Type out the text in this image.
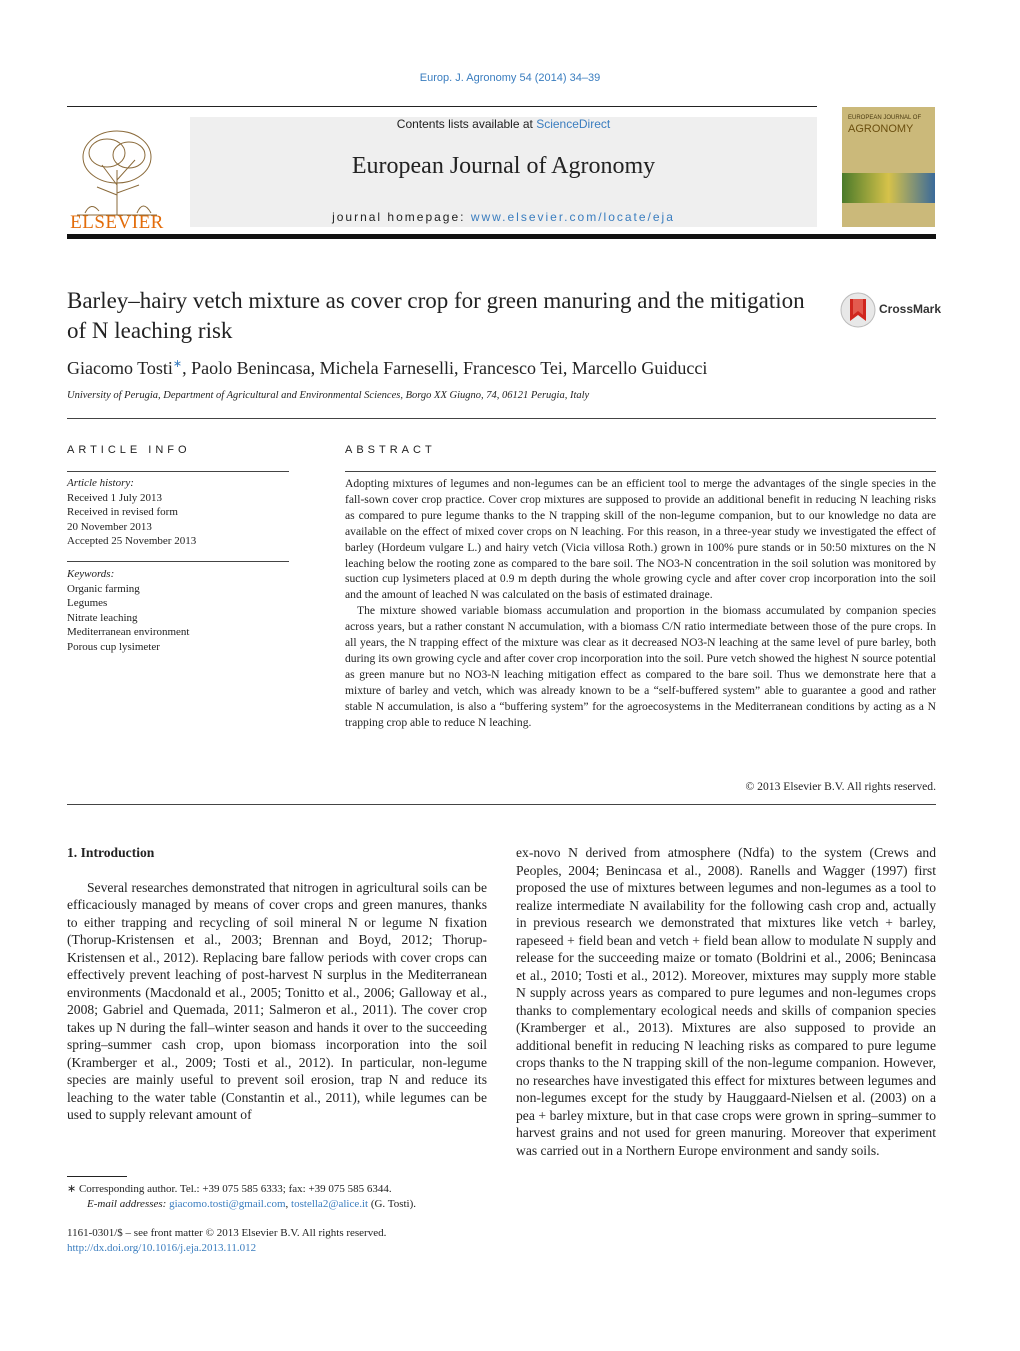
Europ. J. Agronomy 54 (2014) 34–39
ELSEVIER
Contents lists available at ScienceDirect
European Journal of Agronomy
journal homepage: www.elsevier.com/locate/eja
EUROPEAN JOURNAL OF
AGRONOMY
Barley–hairy vetch mixture as cover crop for green manuring and the mitigation of N leaching risk
CrossMark
Giacomo Tosti∗, Paolo Benincasa, Michela Farneselli, Francesco Tei, Marcello Guiducci
University of Perugia, Department of Agricultural and Environmental Sciences, Borgo XX Giugno, 74, 06121 Perugia, Italy
ARTICLE INFO
Article history:
Received 1 July 2013
Received in revised form
20 November 2013
Accepted 25 November 2013
Keywords:
Organic farming
Legumes
Nitrate leaching
Mediterranean environment
Porous cup lysimeter
ABSTRACT

Adopting mixtures of legumes and non-legumes can be an efficient tool to merge the advantages of the single species in the fall-sown cover crop practice. Cover crop mixtures are supposed to provide an additional benefit in reducing N leaching risks as compared to pure legume thanks to the N trapping skill of the non-legume companion, but to our knowledge no data are available on the effect of mixed cover crops on N leaching. For this reason, in a three-year study we investigated the effect of barley (Hordeum vulgare L.) and hairy vetch (Vicia villosa Roth.) grown in 100% pure stands or in 50:50 mixtures on the N leaching below the rooting zone as compared to the bare soil. The NO3-N concentration in the soil solution was monitored by suction cup lysimeters placed at 0.9 m depth during the whole growing cycle and after cover crop incorporation into the soil and the amount of leached N was calculated on the basis of estimated drainage.

The mixture showed variable biomass accumulation and proportion in the biomass accumulated by companion species across years, but a rather constant N accumulation, with a biomass C/N ratio intermediate between those of the pure crops. In all years, the N trapping effect of the mixture was clear as it decreased NO3-N leaching at the same level of pure barley, both during its own growing cycle and after cover crop incorporation into the soil. Pure vetch showed the highest N source potential as green manure but no NO3-N leaching mitigation effect as compared to the bare soil. Thus we demonstrate here that a mixture of barley and vetch, which was already known to be a “self-buffered system” able to guarantee a good and rather stable N accumulation, is also a “buffering system” for the agroecosystems in the Mediterranean conditions by acting as a N trapping crop able to reduce N leaching.

© 2013 Elsevier B.V. All rights reserved.

1. Introduction

Several researches demonstrated that nitrogen in agricultural soils can be efficaciously managed by means of cover crops and green manures, thanks to either trapping and recycling of soil mineral N or legume N fixation (Thorup-Kristensen et al., 2003; Brennan and Boyd, 2012; Thorup-Kristensen et al., 2012). Replacing bare fallow periods with cover crops can effectively prevent leaching of post-harvest N surplus in the Mediterranean environments (Macdonald et al., 2005; Tonitto et al., 2006; Galloway et al., 2008; Gabriel and Quemada, 2011; Salmeron et al., 2011). The cover crop takes up N during the fall–winter season and hands it over to the succeeding spring–summer cash crop, upon biomass incorporation into the soil (Kramberger et al., 2009; Tosti et al., 2012). In particular, non-legume species are mainly useful to prevent soil erosion, trap N and reduce its leaching to the water table (Constantin et al., 2011), while legumes can be used to supply relevant amount of

ex-novo N derived from atmosphere (Ndfa) to the system (Crews and Peoples, 2004; Benincasa et al., 2008). Ranells and Wagger (1997) first proposed the use of mixtures between legumes and non-legumes as a tool to realize intermediate N availability for the following cash crop and, actually in previous research we demonstrated that mixtures like vetch + barley, rapeseed + field bean and vetch + field bean allow to modulate N supply and release for the succeeding maize or tomato (Boldrini et al., 2006; Benincasa et al., 2010; Tosti et al., 2012). Moreover, mixtures may supply more stable N supply across years as compared to pure legumes and non-legumes crops thanks to complementary ecological needs and skills of companion species (Kramberger et al., 2013). Mixtures are also supposed to provide an additional benefit in reducing N leaching risks as compared to pure legume crops thanks to the N trapping skill of the non-legume companion. However, no researches have investigated this effect for mixtures between legumes and non-legumes except for the study by Hauggaard-Nielsen et al. (2003) on a pea + barley mixture, but in that case crops were grown in spring–summer to harvest grains and not used for green manuring. Moreover that experiment was carried out in a Northern Europe environment and sandy soils.

∗ Corresponding author. Tel.: +39 075 585 6333; fax: +39 075 585 6344.
E-mail addresses: giacomo.tosti@gmail.com, tostella2@alice.it (G. Tosti).
1161-0301/$ – see front matter © 2013 Elsevier B.V. All rights reserved.
http://dx.doi.org/10.1016/j.eja.2013.11.012
